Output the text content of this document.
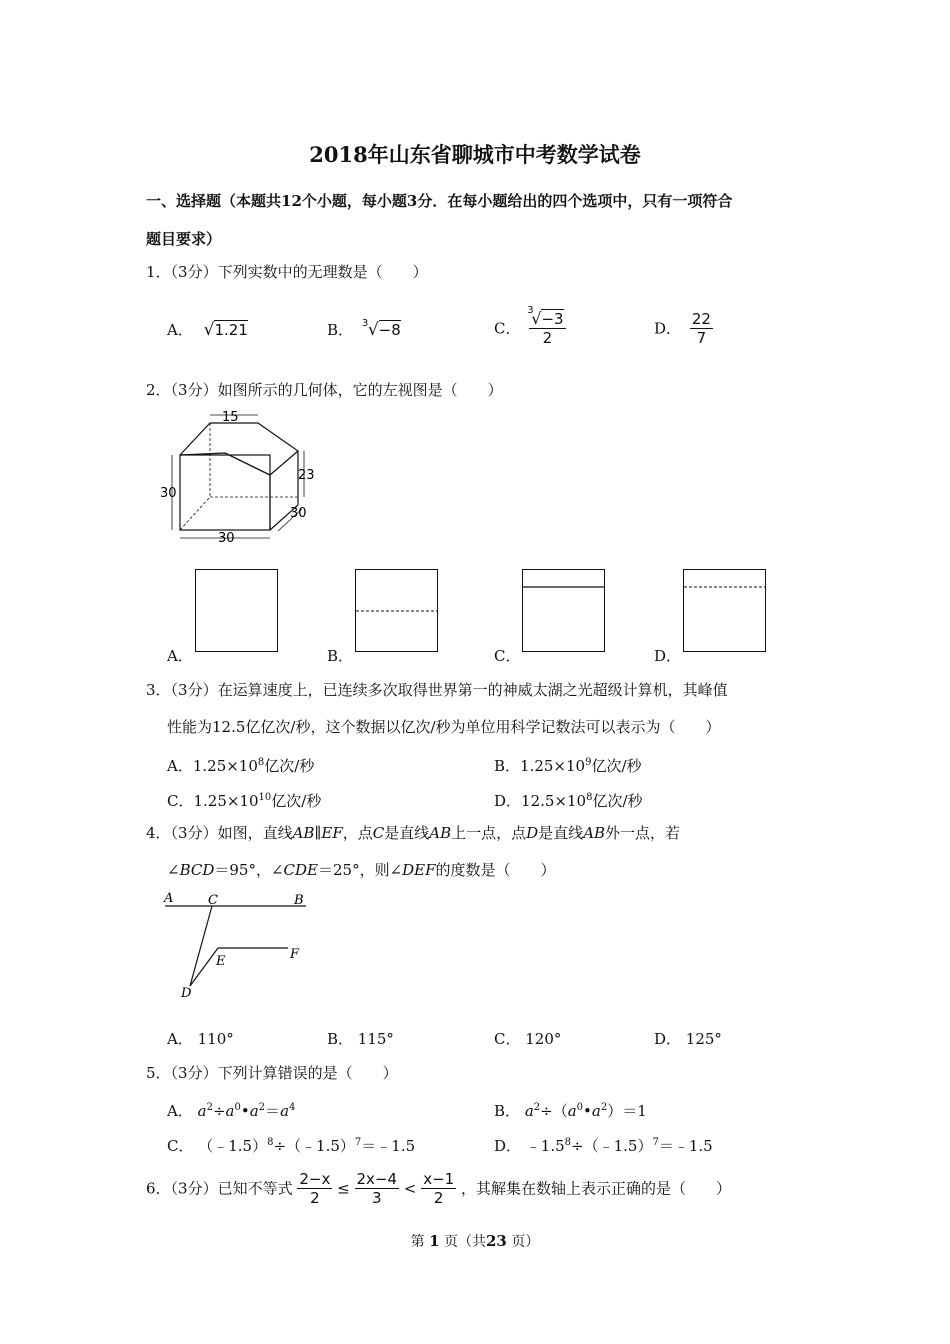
2018年山东省聊城市中考数学试卷
一、选择题（本题共12个小题，每小题3分．在每小题给出的四个选项中，只有一项符合
题目要求）
1．（3分）下列实数中的无理数是（　　）
A． √1.21	B． 3 √−8	C． 3
√−3
2	D． $\frac{22}{7}$
2．（3分）如图所示的几何体，它的左视图是（　　）
15
30
23
30
30
A．	B．	C．	D．
3．（3分）在运算速度上，已连续多次取得世界第一的神威太湖之光超级计算机，其峰值
性能为12.5亿亿次/秒，这个数据以亿次/秒为单位用科学记数法可以表示为（　　）
A．$1.25\times 10^8$亿次/秒	B．$1.25\times 10^9$亿次/秒
C．$1.25\times 10^{10}$亿次/秒	D．$12.5\times 10^8$亿次/秒
4．（3分）如图，直线AB∥EF，点C是直线AB上一点，点D是直线AB外一点，若
∠BCD＝95°，∠CDE＝25°，则∠DEF的度数是（　　）
A	C	B
E	F
D
A． 110°	B． 115°	C． 120°	D． 125°
5．（3分）下列计算错误的是（　　）
A． $a^2\div a^0•a^2=a^4$	B． $a^2\div(a^0•a^2)=1$
C． （﹣1.5）$^8$÷（﹣1.5）$^7$＝﹣1.5	D． $﹣1.5^8\div(﹣1.5)^7=﹣1.5$
6．（3分）已知不等式 $\frac{2-x}{2} \le \frac{2x-4}{3} < \frac{x-1}{2}$ ，其解集在数轴上表示正确的是（　　）
第 1 页（共23 页）
